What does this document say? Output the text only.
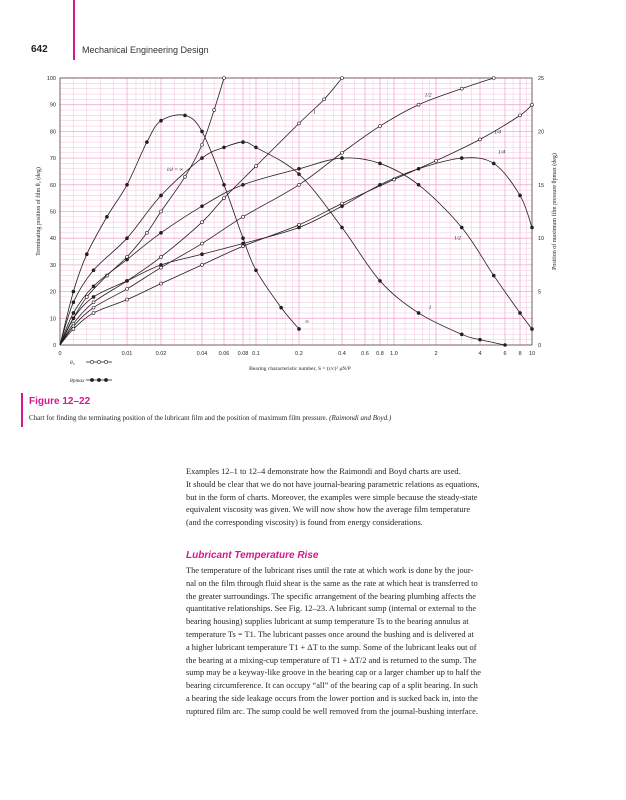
642	Mechanical Engineering Design
0	0.01	0.02	0.04 0.06 0.08 0.1	0.2	0.4	0.6 0.8 1.0	2	4	6 8 10
0
10
20
30
40
50
60
70
80
90
100
0
5
10
15
20
25
Bearing characteristic number, S = (r/c)² μN/P
Terminating position of film θ₀ (deg)	Position of maximum film pressure θpmax (deg)
l/d = ∞
1
1/2
1/4
∞
1
1/2
1/4
θ₀
θpmax
Figure 12–22
Chart for finding the terminating position of the lubricant film and the position of maximum film pressure. (Raimondi and Boyd.)
Examples 12–1 to 12–4 demonstrate how the Raimondi and Boyd charts are used.
It should be clear that we do not have journal-bearing parametric relations as equations,
but in the form of charts. Moreover, the examples were simple because the steady-state
equivalent viscosity was given. We will now show how the average film temperature
(and the corresponding viscosity) is found from energy considerations.
Lubricant Temperature Rise
The temperature of the lubricant rises until the rate at which work is done by the jour-
nal on the film through fluid shear is the same as the rate at which heat is transferred to
the greater surroundings. The specific arrangement of the bearing plumbing affects the
quantitative relationships. See Fig. 12–23. A lubricant sump (internal or external to the
bearing housing) supplies lubricant at sump temperature Ts to the bearing annulus at
temperature Ts = T1. The lubricant passes once around the bushing and is delivered at
a higher lubricant temperature T1 + ΔT to the sump. Some of the lubricant leaks out of
the bearing at a mixing-cup temperature of T1 + ΔT/2 and is returned to the sump. The
sump may be a keyway-like groove in the bearing cap or a larger chamber up to half the
bearing circumference. It can occupy “all” of the bearing cap of a split bearing. In such
a bearing the side leakage occurs from the lower portion and is sucked back in, into the
ruptured film arc. The sump could be well removed from the journal-bushing interface.
